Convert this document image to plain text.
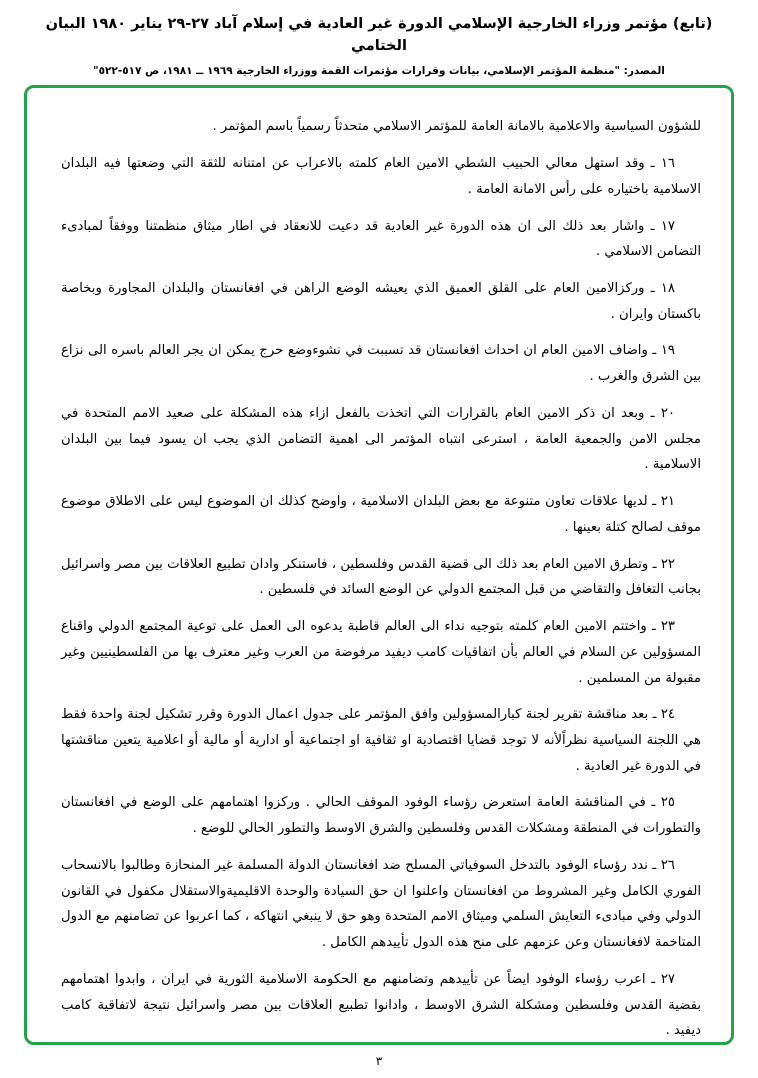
(تابع) مؤتمر وزراء الخارجية الإسلامي الدورة غير العادية في إسلام آباد ٢٧-٢٩ يناير ١٩٨٠ البيان الختامي
المصدر: "منظمة المؤتمر الإسلامي، بيانات وقرارات مؤتمرات القمة ووزراء الخارجية ١٩٦٩ ــ ١٩٨١، ص ٥١٧-٥٢٢"

للشؤون السياسية والاعلامية بالامانة العامة للمؤتمر الاسلامي متحدثاً رسمياً باسم المؤتمر .

١٦ ـ وقد استهل معالي الحبيب الشطي الامين العام كلمته بالاعراب عن امتنانه للثقة التي وضعتها فيه البلدان الاسلامية باختياره على رأس الامانة العامة .

١٧ ـ واشار بعد ذلك الى ان هذه الدورة غير العادية قد دعيت للانعقاد في اطار ميثاق منظمتنا ووفقاً لمبادىء التضامن الاسلامي .

١٨ ـ وركزالامين العام على القلق العميق الذي يعيشه الوضع الراهن في افغانستان والبلدان المجاورة وبخاصة باكستان وايران .

١٩ ـ واضاف الامين العام ان احداث افغانستان قد تسببت في نشوءوضع حرج يمكن ان يجر العالم باسره الى نزاع بين الشرق والغرب .

٢٠ ـ وبعد ان ذكر الامين العام بالقرارات التي اتخذت بالفعل ازاء هذه المشكلة على صعيد الامم المتحدة في مجلس الامن والجمعية العامة ، استرعى انتباه المؤتمر الى اهمية التضامن الذي يجب ان يسود فيما بين البلدان الاسلامية .

٢١ ـ لديها علاقات تعاون متنوعة مع بعض البلدان الاسلامية ، واوضح كذلك ان الموضوع ليس على الاطلاق موضوع موقف لصالح كتلة بعينها .

٢٢ ـ وتطرق الامين العام بعد ذلك الى قضية القدس وفلسطين ، فاستنكر وادان تطبيع العلاقات بين مصر واسرائيل بجانب التغافل والتقاضي من قبل المجتمع الدولي عن الوضع السائد في فلسطين .

٢٣ ـ واختتم الامين العام كلمته بتوجيه نداء الى العالم قاطبة يدعوه الى العمل على توعية المجتمع الدولي واقناع المسؤولين عن السلام في العالم بأن اتفاقيات كامب ديفيد مرفوضة من العرب وغير معترف بها من الفلسطينيين وغير مقبولة من المسلمين .

٢٤ ـ بعد مناقشة تقرير لجنة كبارالمسؤولين وافق المؤتمر على جدول اعمال الدورة وقرر تشكيل لجنة واحدة فقط هي اللجنة السياسية نظراًلأنه لا توجد قضايا اقتصادية او ثقافية او اجتماعية أو ادارية أو مالية أو اعلامية يتعين مناقشتها في الدورة غير العادية .

٢٥ ـ في المناقشة العامة استعرض رؤساء الوفود الموقف الحالي . وركزوا اهتمامهم على الوضع في افغانستان والتطورات في المنطقة ومشكلات القدس وفلسطين والشرق الاوسط والتطور الحالي للوضع .

٢٦ ـ ندد رؤساء الوفود بالتدخل السوفياتي المسلح ضد افغانستان الدولة المسلمة غير المنحازة وطالبوا بالانسحاب الفوري الكامل وغير المشروط من افغانستان واعلنوا ان حق السيادة والوحدة الاقليميةوالاستقلال مكفول في القانون الدولي وفي مبادىء التعايش السلمي وميثاق الامم المتحدة وهو حق لا ينبغي انتهاكه ، كما اعربوا عن تضامنهم مع الدول المتاخمة لافغانستان وعن عزمهم على منح هذه الدول تأييدهم الكامل .

٢٧ ـ اعرب رؤساء الوفود ايضاً عن تأييدهم وتضامنهم مع الحكومة الاسلامية الثورية في ايران ، وابدوا اهتمامهم بقضية القدس وفلسطين ومشكلة الشرق الاوسط ، وادانوا تطبيع العلاقات بين مصر واسرائيل نتيجة لاتفاقية كامب ديفيد .

٣
